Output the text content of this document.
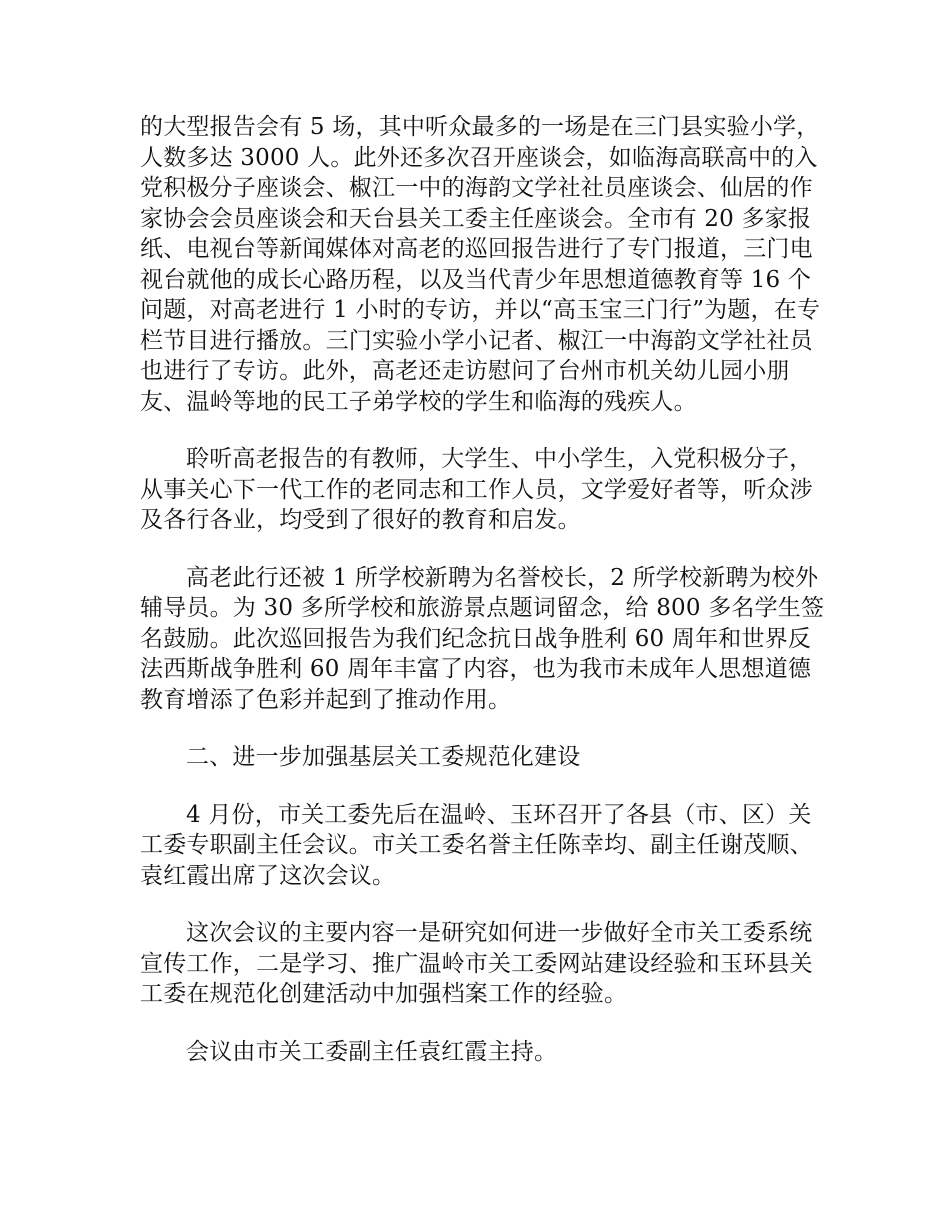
的大型报告会有 5 场，其中听众最多的一场是在三门县实验小学，人数多达 3000 人。此外还多次召开座谈会，如临海高联高中的入党积极分子座谈会、椒江一中的海韵文学社社员座谈会、仙居的作家协会会员座谈会和天台县关工委主任座谈会。全市有 20 多家报纸、电视台等新闻媒体对高老的巡回报告进行了专门报道，三门电视台就他的成长心路历程，以及当代青少年思想道德教育等 16 个问题，对高老进行 1 小时的专访，并以“高玉宝三门行”为题，在专栏节目进行播放。三门实验小学小记者、椒江一中海韵文学社社员也进行了专访。此外，高老还走访慰问了台州市机关幼儿园小朋友、温岭等地的民工子弟学校的学生和临海的残疾人。

聆听高老报告的有教师，大学生、中小学生，入党积极分子，从事关心下一代工作的老同志和工作人员，文学爱好者等，听众涉及各行各业，均受到了很好的教育和启发。

高老此行还被 1 所学校新聘为名誉校长，2 所学校新聘为校外辅导员。为 30 多所学校和旅游景点题词留念，给 800 多名学生签名鼓励。此次巡回报告为我们纪念抗日战争胜利 60 周年和世界反法西斯战争胜利 60 周年丰富了内容，也为我市未成年人思想道德教育增添了色彩并起到了推动作用。

二、进一步加强基层关工委规范化建设

4 月份，市关工委先后在温岭、玉环召开了各县（市、区）关工委专职副主任会议。市关工委名誉主任陈幸均、副主任谢茂顺、袁红霞出席了这次会议。

这次会议的主要内容一是研究如何进一步做好全市关工委系统宣传工作，二是学习、推广温岭市关工委网站建设经验和玉环县关工委在规范化创建活动中加强档案工作的经验。

会议由市关工委副主任袁红霞主持。
